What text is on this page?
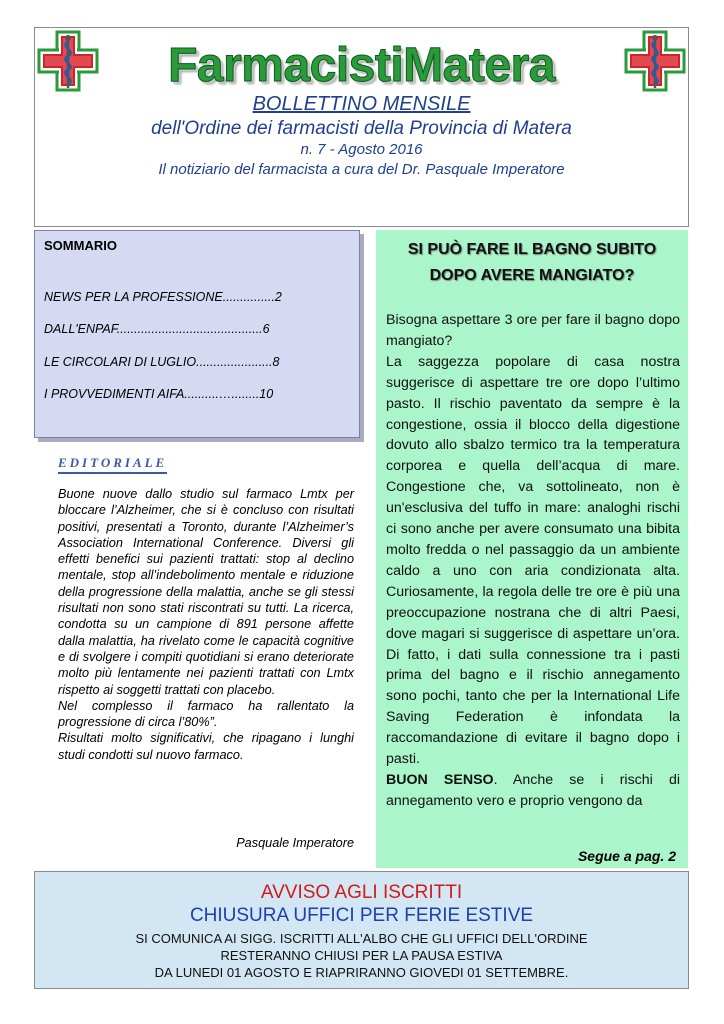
FarmacistiMatera
BOLLETTINO MENSILE
dell'Ordine dei farmacisti della Provincia di Matera
n. 7 - Agosto 2016
Il notiziario del farmacista a cura del Dr. Pasquale Imperatore
SOMMARIO
NEWS PER LA PROFESSIONE...............2
DALL'ENPAF..........................................6
LE CIRCOLARI DI LUGLIO......................8
I PROVVEDIMENTI AIFA..........…........10
EDITORIALE

Buone nuove dallo studio sul farmaco Lmtx per bloccare l’Alzheimer, che si è concluso con risultati positivi, presentati a Toronto, durante l’Alzheimer’s Association International Conference. Diversi gli effetti benefici sui pazienti trattati: stop al declino mentale, stop all’indebolimento mentale e riduzione della progressione della malattia, anche se gli stessi risultati non sono stati riscontrati su tutti. La ricerca, condotta su un campione di 891 persone affette dalla malattia, ha rivelato come le capacità cognitive e di svolgere i compiti quotidiani si erano deteriorate molto più lentamente nei pazienti trattati con Lmtx rispetto ai soggetti trattati con placebo.

Nel complesso il farmaco ha rallentato la progressione di circa l’80%”.

Risultati molto significativi, che ripagano i lunghi studi condotti sul nuovo farmaco.

Pasquale Imperatore
SI PUÒ FARE IL BAGNO SUBITO
DOPO AVERE MANGIATO?

Bisogna aspettare 3 ore per fare il bagno dopo mangiato?

La saggezza popolare di casa nostra suggerisce di aspettare tre ore dopo l’ultimo pasto. Il rischio paventato da sempre è la congestione, ossia il blocco della digestione dovuto allo sbalzo termico tra la temperatura corporea e quella dell’acqua di mare. Congestione che, va sottolineato, non è un'esclusiva del tuffo in mare: analoghi rischi ci sono anche per avere consumato una bibita molto fredda o nel passaggio da un ambiente caldo a uno con aria condizionata alta. Curiosamente, la regola delle tre ore è più una preoccupazione nostrana che di altri Paesi, dove magari si suggerisce di aspettare un’ora. Di fatto, i dati sulla connessione tra i pasti prima del bagno e il rischio annegamento sono pochi, tanto che per la International Life Saving Federation è infondata la raccomandazione di evitare il bagno dopo i pasti.

BUON SENSO. Anche se i rischi di annegamento vero e proprio vengono da

Segue a pag. 2
AVVISO AGLI ISCRITTI
CHIUSURA UFFICI PER FERIE ESTIVE
SI COMUNICA AI SIGG. ISCRITTI ALL'ALBO CHE GLI UFFICI DELL'ORDINE
RESTERANNO CHIUSI PER LA PAUSA ESTIVA
DA LUNEDI 01 AGOSTO E RIAPRIRANNO GIOVEDI 01 SETTEMBRE.
